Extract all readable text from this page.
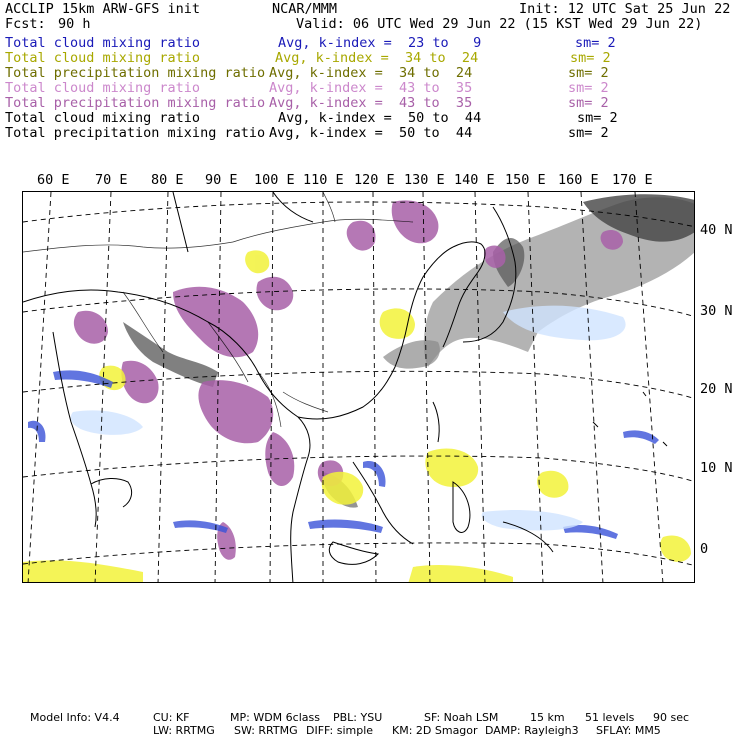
ACCLIP 15km ARW-GFS init	NCAR/MMM	Init: 12 UTC Sat 25 Jun 22
Fcst: 90 h	Valid: 06 UTC Wed 29 Jun 22 (15 KST Wed 29 Jun 22)
Total cloud mixing ratio	Avg, k-index =  23 to   9	sm= 2
Total cloud mixing ratio	Avg, k-index =  34 to  24	sm= 2
Total precipitation mixing ratio Avg, k-index =  34 to  24	sm= 2
Total cloud mixing ratio	Avg, k-index =  43 to  35	sm= 2
Total precipitation mixing ratio Avg, k-index =  43 to  35	sm= 2
Total cloud mixing ratio	Avg, k-index =  50 to  44	sm= 2
Total precipitation mixing ratio Avg, k-index =  50 to  44	sm= 2
60 E 70 E 80 E 90 E 100 E 110 E 120 E 130 E 140 E 150 E 160 E 170 E
40 N
30 N
20 N
10 N
0
Model Info: V4.4	CU: KF	MP: WDM 6class PBL: YSU	SF: Noah LSM	15 km 51 levels 90 sec
LW: RRTMG SW: RRTMG DIFF: simple KM: 2D Smagor DAMP: Rayleigh3 SFLAY: MM5
